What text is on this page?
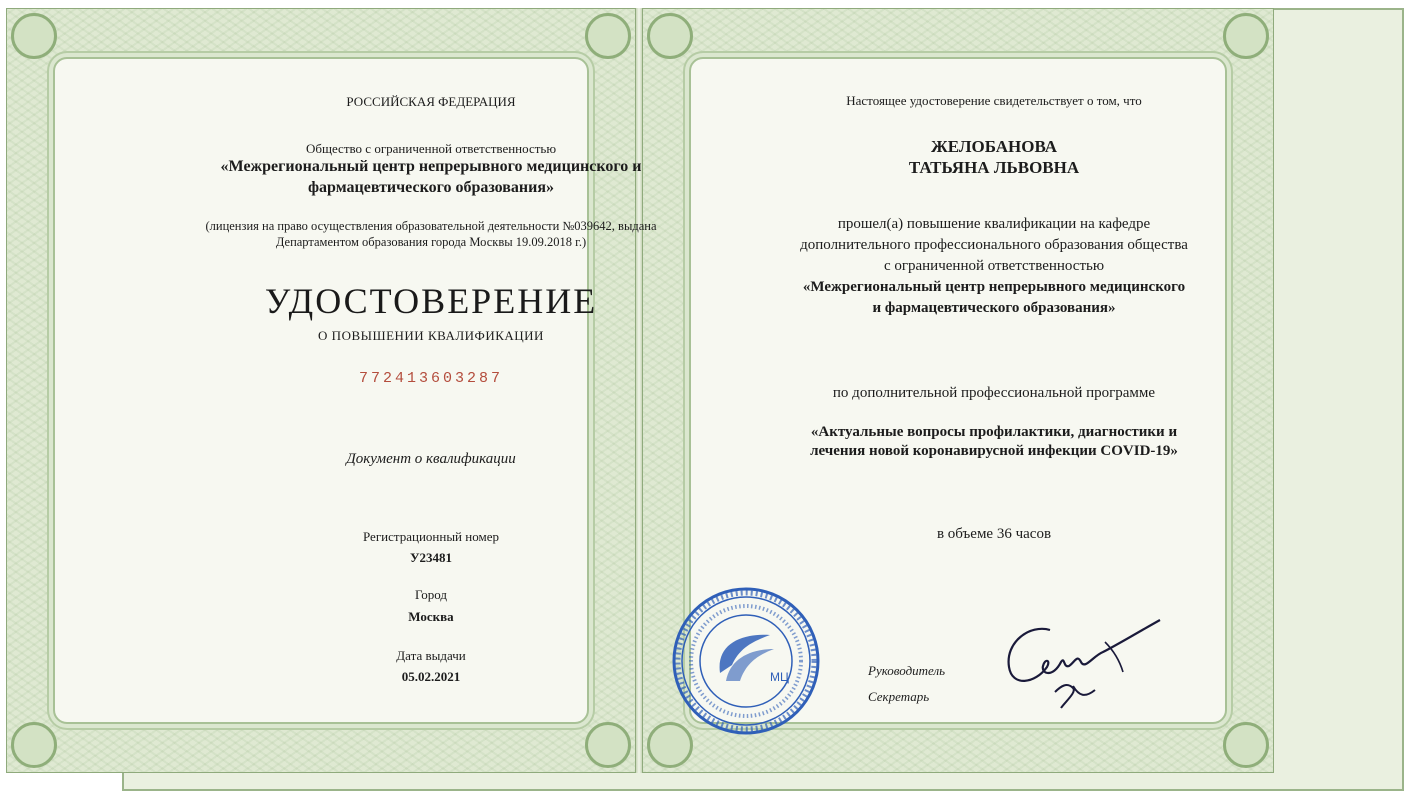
РОССИЙСКАЯ ФЕДЕРАЦИЯ
Общество с ограниченной ответственностью
«Межрегиональный центр непрерывного медицинского и
фармацевтического образования»
(лицензия на право осуществления образовательной деятельности №039642, выдана
Департаментом образования города Москвы 19.09.2018 г.)
УДОСТОВЕРЕНИЕ
О ПОВЫШЕНИИ КВАЛИФИКАЦИИ
772413603287
Документ о квалификации
Регистрационный номер
У23481
Город
Москва
Дата выдачи
05.02.2021
Настоящее удостоверение свидетельствует о том, что
ЖЕЛОБАНОВА
ТАТЬЯНА ЛЬВОВНА
прошел(а) повышение квалификации на кафедре
дополнительного профессионального образования общества
с ограниченной ответственностью
«Межрегиональный центр непрерывного медицинского
и фармацевтического образования»
по дополнительной профессиональной программе
«Актуальные вопросы профилактики, диагностики и
лечения новой коронавирусной инфекции COVID-19»
в объеме 36 часов
Руководитель
Секретарь
МЦ
